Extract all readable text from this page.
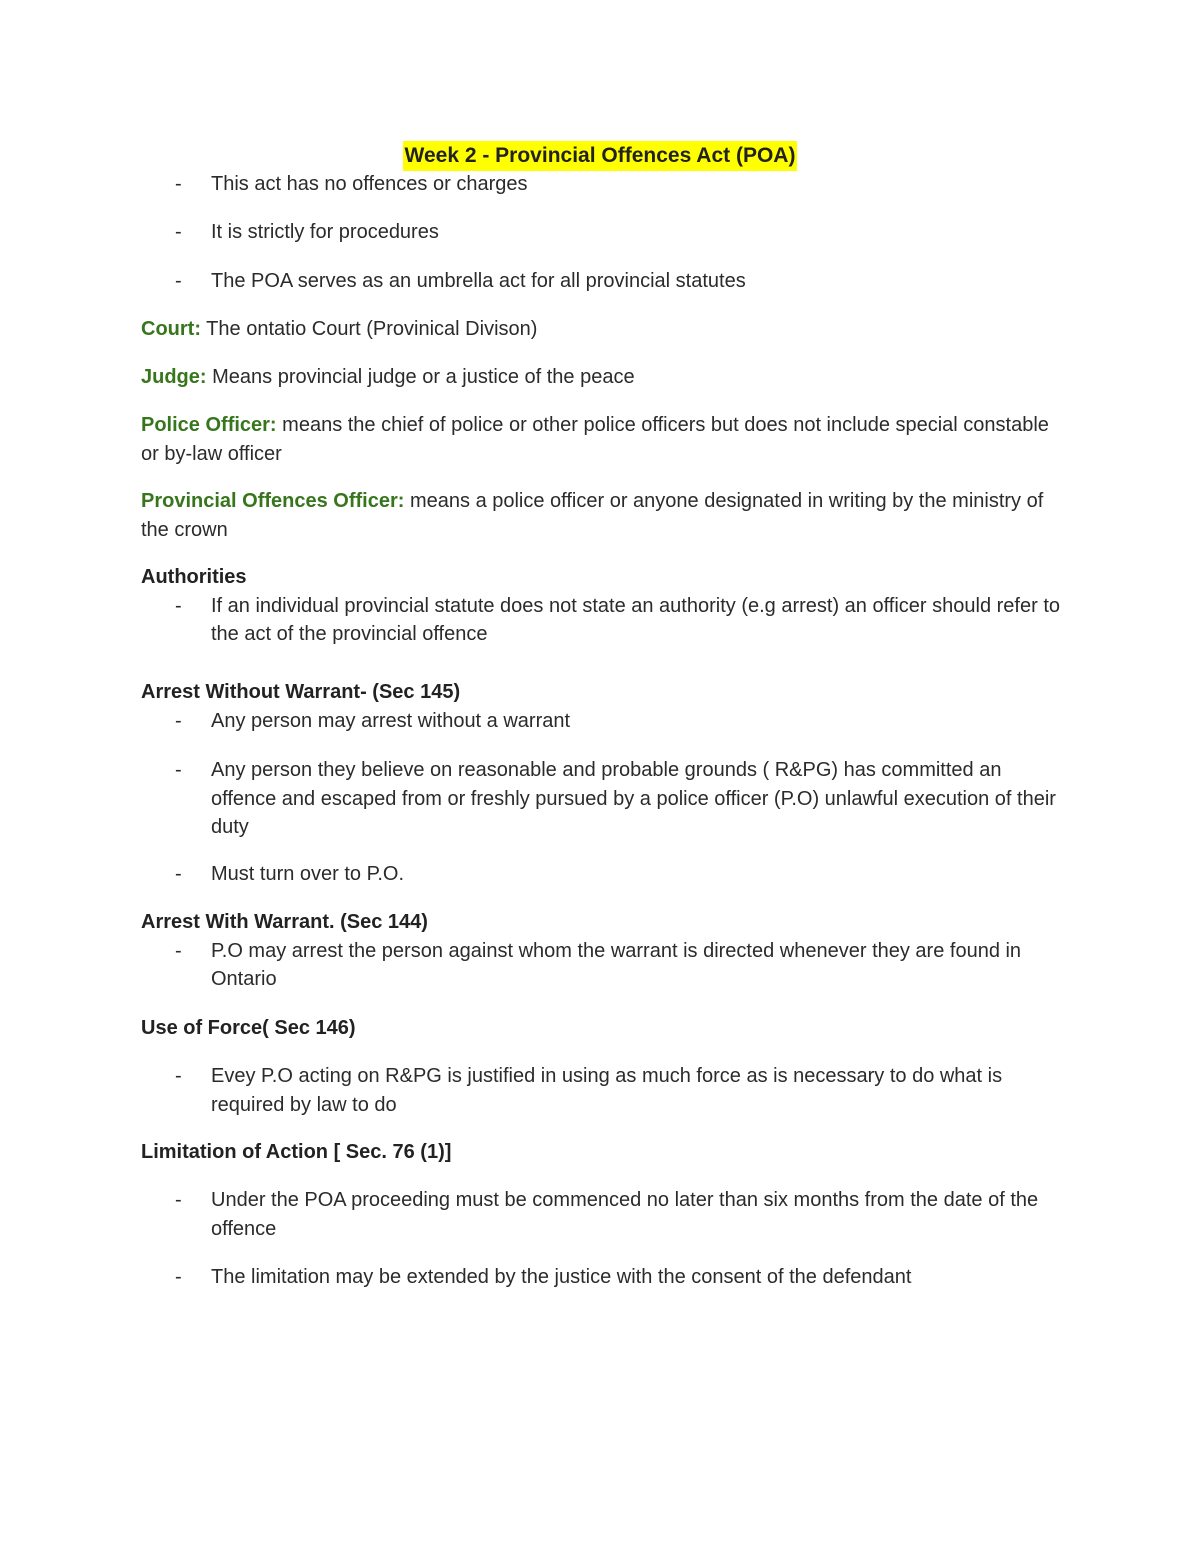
Week 2 - Provincial Offences Act (POA)
- This act has no offences or charges
- It is strictly for procedures
- The POA serves as an umbrella act for all provincial statutes
Court: The ontatio Court (Provinical Divison)
Judge: Means provincial judge or a justice of the peace
Police Officer: means the chief of police or other police officers but does not include special constable or by-law officer
Provincial Offences Officer: means a police officer or anyone designated in writing by the ministry of the crown
Authorities
- If an individual provincial statute does not state an authority (e.g arrest) an officer should refer to the act of the provincial offence
Arrest Without Warrant- (Sec 145)
- Any person may arrest without a warrant
- Any person they believe on reasonable and probable grounds ( R&PG) has committed an offence and escaped from or freshly pursued by a police officer (P.O) unlawful execution of their duty
- Must turn over to P.O.
Arrest With Warrant. (Sec 144)
- P.O may arrest the person against whom the warrant is directed whenever they are found in Ontario
Use of Force( Sec 146)
- Evey P.O acting on R&PG is justified in using as much force as is necessary to do what is required by law to do
Limitation of Action [ Sec. 76 (1)]
- Under the POA proceeding must be commenced no later than six months from the date of the offence
- The limitation may be extended by the justice with the consent of the defendant
